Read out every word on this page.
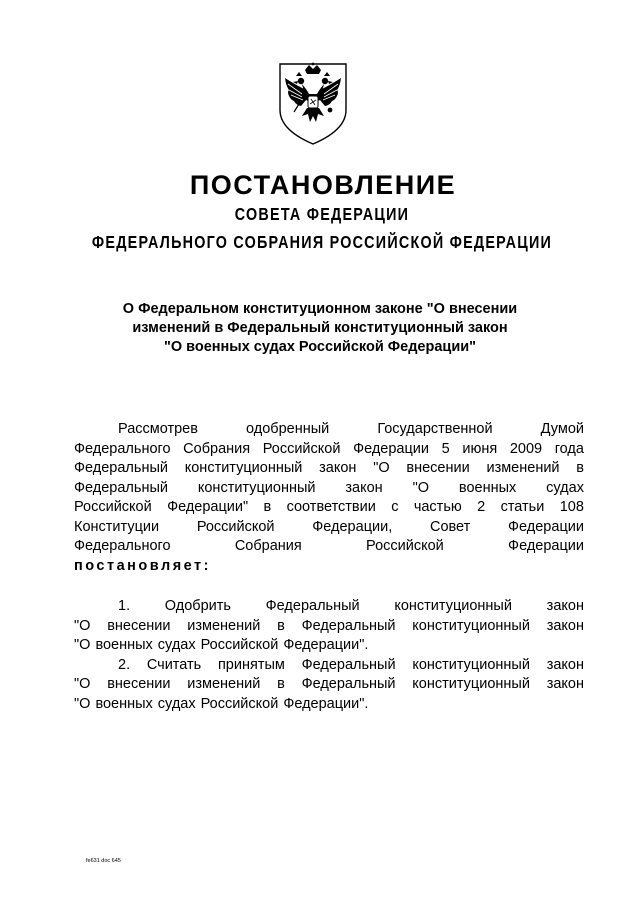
ПОСТАНОВЛЕНИЕ
СОВЕТА ФЕДЕРАЦИИ
ФЕДЕРАЛЬНОГО СОБРАНИЯ РОССИЙСКОЙ ФЕДЕРАЦИИ
О Федеральном конституционном законе "О внесении
изменений в Федеральный конституционный закон
"О военных судах Российской Федерации"
Рассмотрев	одобренный	Государственной	Думой
Федерального Собрания Российской Федерации 5 июня 2009 года
Федеральный конституционный закон "О внесении изменений в
Федеральный конституционный закон "О военных судах
Российской Федерации" в соответствии с частью 2 статьи 108
Конституции	Российской	Федерации,	Совет	Федерации
Федерального	Собрания	Российской	Федерации
постановляет:
1. Одобрить Федеральный конституционный закон
"О внесении изменений в Федеральный конституционный закон
"О военных судах Российской Федерации".
2. Считать принятым Федеральный конституционный закон
"О внесении изменений в Федеральный конституционный закон
"О военных судах Российской Федерации".
fe631 doc 645
